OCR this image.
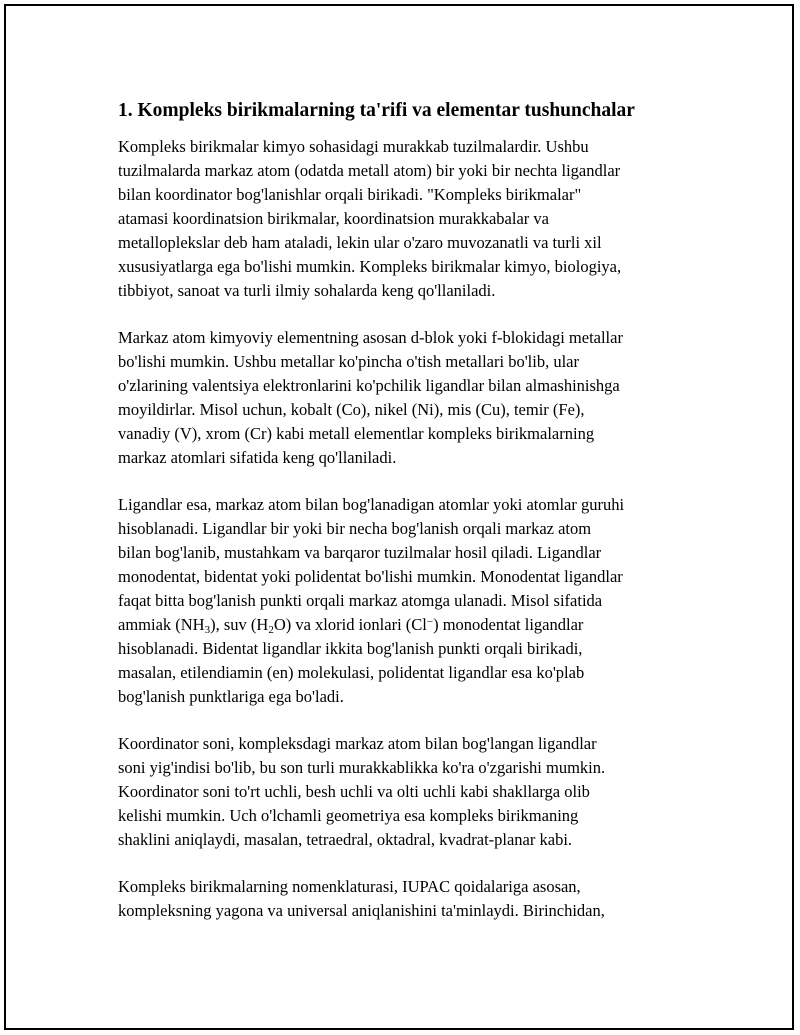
1. Kompleks birikmalarning ta'rifi va elementar tushunchalar

Kompleks birikmalar kimyo sohasidagi murakkab tuzilmalardir. Ushbu
tuzilmalarda markaz atom (odatda metall atom) bir yoki bir nechta ligandlar
bilan koordinator bog'lanishlar orqali birikadi. "Kompleks birikmalar"
atamasi koordinatsion birikmalar, koordinatsion murakkabalar va
metalloplekslar deb ham ataladi, lekin ular o'zaro muvozanatli va turli xil
xususiyatlarga ega bo'lishi mumkin. Kompleks birikmalar kimyo, biologiya,
tibbiyot, sanoat va turli ilmiy sohalarda keng qo'llaniladi.

Markaz atom kimyoviy elementning asosan d-blok yoki f-blokidagi metallar
bo'lishi mumkin. Ushbu metallar ko'pincha o'tish metallari bo'lib, ular
o'zlarining valentsiya elektronlarini ko'pchilik ligandlar bilan almashinishga
moyildirlar. Misol uchun, kobalt (Co), nikel (Ni), mis (Cu), temir (Fe),
vanadiy (V), xrom (Cr) kabi metall elementlar kompleks birikmalarning
markaz atomlari sifatida keng qo'llaniladi.

Ligandlar esa, markaz atom bilan bog'lanadigan atomlar yoki atomlar guruhi
hisoblanadi. Ligandlar bir yoki bir necha bog'lanish orqali markaz atom
bilan bog'lanib, mustahkam va barqaror tuzilmalar hosil qiladi. Ligandlar
monodentat, bidentat yoki polidentat bo'lishi mumkin. Monodentat ligandlar
faqat bitta bog'lanish punkti orqali markaz atomga ulanadi. Misol sifatida
ammiak $(NH_3)$, suv $(H_2O)$ va xlorid ionlari (Cl−) monodentat ligandlar
hisoblanadi. Bidentat ligandlar ikkita bog'lanish punkti orqali birikadi,
masalan, etilendiamin (en) molekulasi, polidentat ligandlar esa ko'plab
bog'lanish punktlariga ega bo'ladi.

Koordinator soni, kompleksdagi markaz atom bilan bog'langan ligandlar
soni yig'indisi bo'lib, bu son turli murakkablikka ko'ra o'zgarishi mumkin.
Koordinator soni to'rt uchli, besh uchli va olti uchli kabi shakllarga olib
kelishi mumkin. Uch o'lchamli geometriya esa kompleks birikmaning
shaklini aniqlaydi, masalan, tetraedral, oktadral, kvadrat-planar kabi.

Kompleks birikmalarning nomenklaturasi, IUPAC qoidalariga asosan,
kompleksning yagona va universal aniqlanishini ta'minlaydi. Birinchidan,
